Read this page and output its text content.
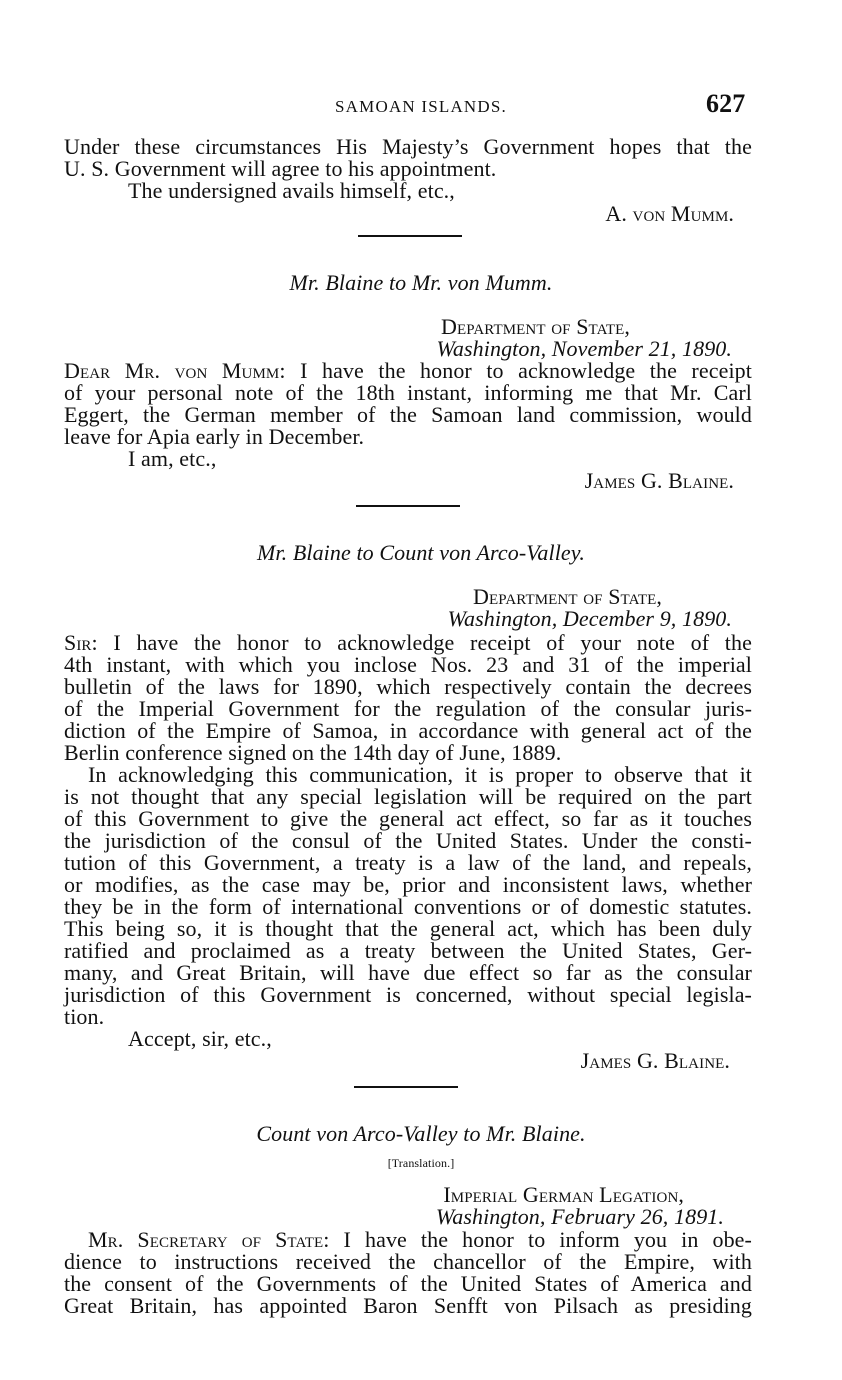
SAMOAN ISLANDS.	627
Under these circumstances His Majesty’s Government hopes that the
U. S. Government will agree to his appointment.
The undersigned avails himself, etc.,
A. von Mumm.
Mr. Blaine to Mr. von Mumm.
Department of State,
Washington, November 21, 1890.
Dear Mr. von Mumm: I have the honor to acknowledge the receipt
of your personal note of the 18th instant, informing me that Mr. Carl
Eggert, the German member of the Samoan land commission, would
leave for Apia early in December.
I am, etc.,
James G. Blaine.
Mr. Blaine to Count von Arco-Valley.
Department of State,
Washington, December 9, 1890.
Sir: I have the honor to acknowledge receipt of your note of the
4th instant, with which you inclose Nos. 23 and 31 of the imperial
bulletin of the laws for 1890, which respectively contain the decrees
of the Imperial Government for the regulation of the consular juris-
diction of the Empire of Samoa, in accordance with general act of the
Berlin conference signed on the 14th day of June, 1889.
In acknowledging this communication, it is proper to observe that it
is not thought that any special legislation will be required on the part
of this Government to give the general act effect, so far as it touches
the jurisdiction of the consul of the United States. Under the consti-
tution of this Government, a treaty is a law of the land, and repeals,
or modifies, as the case may be, prior and inconsistent laws, whether
they be in the form of international conventions or of domestic statutes.
This being so, it is thought that the general act, which has been duly
ratified and proclaimed as a treaty between the United States, Ger-
many, and Great Britain, will have due effect so far as the consular
jurisdiction of this Government is concerned, without special legisla-
tion.
Accept, sir, etc.,
James G. Blaine.
Count von Arco-Valley to Mr. Blaine.
[Translation.]
Imperial German Legation,
Washington, February 26, 1891.
Mr. Secretary of State: I have the honor to inform you in obe-
dience to instructions received the chancellor of the Empire, with
the consent of the Governments of the United States of America and
Great Britain, has appointed Baron Senfft von Pilsach as presiding
